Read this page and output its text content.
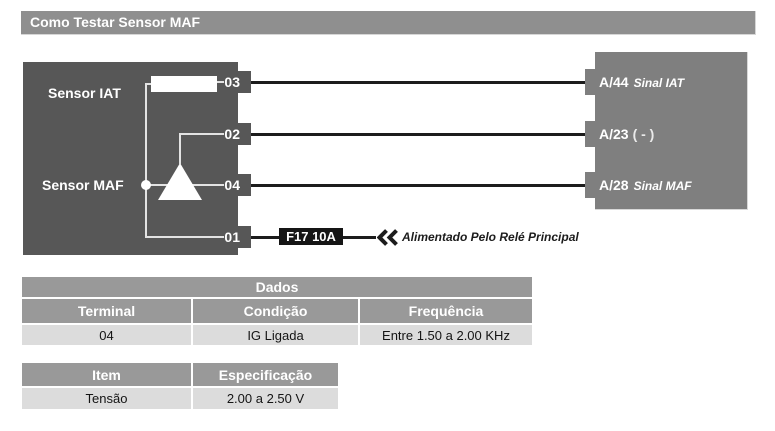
Como Testar Sensor MAF
Sensor IAT
Sensor MAF
03
02
04
01	F17 10A	Alimentado Pelo Relé Principal
A/44 Sinal IAT
A/23 ( - )
A/28 Sinal MAF
Dados		
Terminal	Condição	Frequência
04	IG Ligada	Entre 1.50 a 2.00 KHz
Item	Especificação
Tensão	2.00 a 2.50 V
